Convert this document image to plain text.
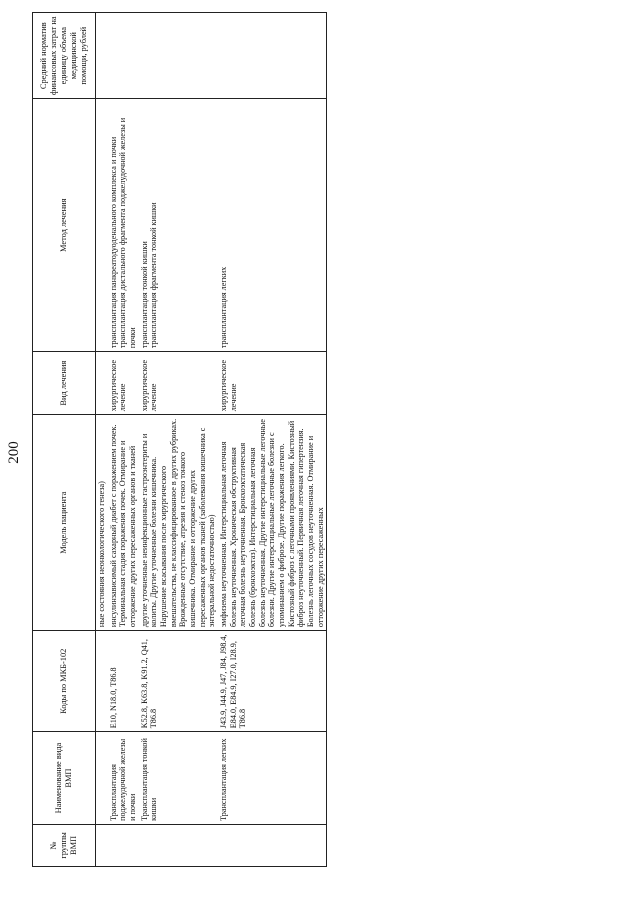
200
№ группы ВМП	Наименование вида ВМП	Коды по МКБ-102	Модель пациента	Вид лечения	Метод лечения	Средний норматив финансовых затрат на единицу объема медицинской помощи, рублей
			ные состояния неонкологического генеза)			
	Трансплантация поджелудочной железы и почки	E10, N18.0, T86.8	инсулинзависимый сахарный диабет с поражением почек. Терминальная стадия поражения почек. Отмирание и отторжение других пересаженных органов и тканей	хирургическое лечение	трансплантация панкреатодуоденального комплекса и почки
трансплантация дистального фрагмента поджелудочной железы и почки	
	Трансплантация тонкой кишки	K52.8, K63.8, K91.2, Q41, T86.8	другие уточненные неинфекционные гастроэнтериты и колиты. Другие уточненные болезни кишечника. Нарушение всасывания после хирургического вмешательства, не классифицированное в других рубриках. Врожденные отсутствие, атрезия и стеноз тонкого кишечника. Отмирание и отторжение других пересаженных органов тканей (заболевания кишечника с энтеральной недостаточностью)	хирургическое лечение	трансплантация тонкой кишки
трансплантация фрагмента тонкой кишки	
	Трансплантация легких	J43.9, J44.9, J47, J84, J98.4, E84.0, E84.9, I27.0, I28.9, T86.8	эмфизема неуточненная. Интерстициальная легочная болезнь неуточненная. Хроническая обструктивная легочная болезнь неуточненная. Бронхоэктатическая болезнь (бронхоэктаз). Интерстициальная легочная болезнь неуточненная. Другие интерстициальные легочные болезни. Другие интерстициальные легочные болезни с упоминанием о фиброзе. Другие поражения легкого. Кистозный фиброз с легочными проявлениями. Кистозный фиброз неуточненный. Первичная легочная гипертензия. Болезнь легочных сосудов неуточненная. Отмирание и отторжение других пересаженных	хирургическое лечение	трансплантация легких	
